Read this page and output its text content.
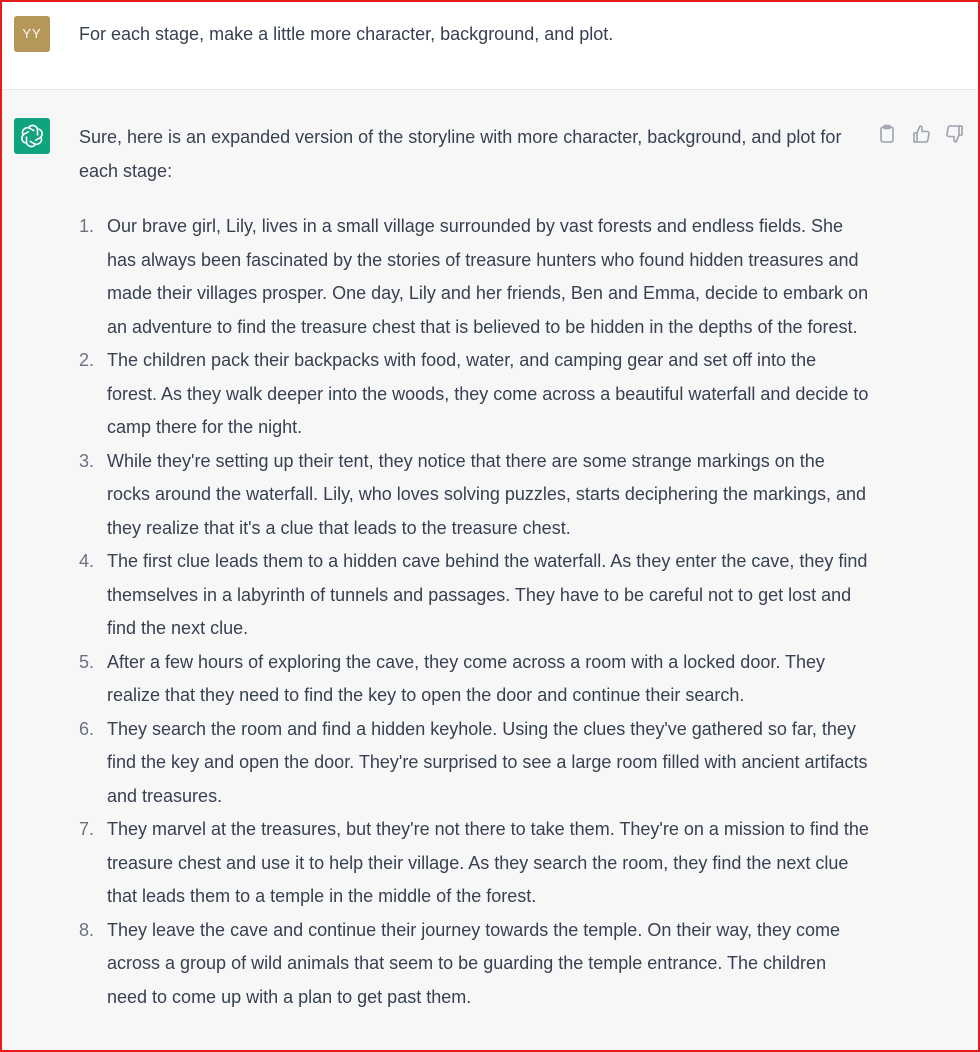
YY	For each stage, make a little more character, background, and plot.

Sure, here is an expanded version of the storyline with more character, background, and plot for each stage:

1. Our brave girl, Lily, lives in a small village surrounded by vast forests and endless fields. She has always been fascinated by the stories of treasure hunters who found hidden treasures and made their villages prosper. One day, Lily and her friends, Ben and Emma, decide to embark on an adventure to find the treasure chest that is believed to be hidden in the depths of the forest.
2. The children pack their backpacks with food, water, and camping gear and set off into the forest. As they walk deeper into the woods, they come across a beautiful waterfall and decide to camp there for the night.
3. While they're setting up their tent, they notice that there are some strange markings on the rocks around the waterfall. Lily, who loves solving puzzles, starts deciphering the markings, and they realize that it's a clue that leads to the treasure chest.
4. The first clue leads them to a hidden cave behind the waterfall. As they enter the cave, they find themselves in a labyrinth of tunnels and passages. They have to be careful not to get lost and find the next clue.
5. After a few hours of exploring the cave, they come across a room with a locked door. They realize that they need to find the key to open the door and continue their search.
6. They search the room and find a hidden keyhole. Using the clues they've gathered so far, they find the key and open the door. They're surprised to see a large room filled with ancient artifacts and treasures.
7. They marvel at the treasures, but they're not there to take them. They're on a mission to find the treasure chest and use it to help their village. As they search the room, they find the next clue that leads them to a temple in the middle of the forest.
8. They leave the cave and continue their journey towards the temple. On their way, they come across a group of wild animals that seem to be guarding the temple entrance. The children need to come up with a plan to get past them.
